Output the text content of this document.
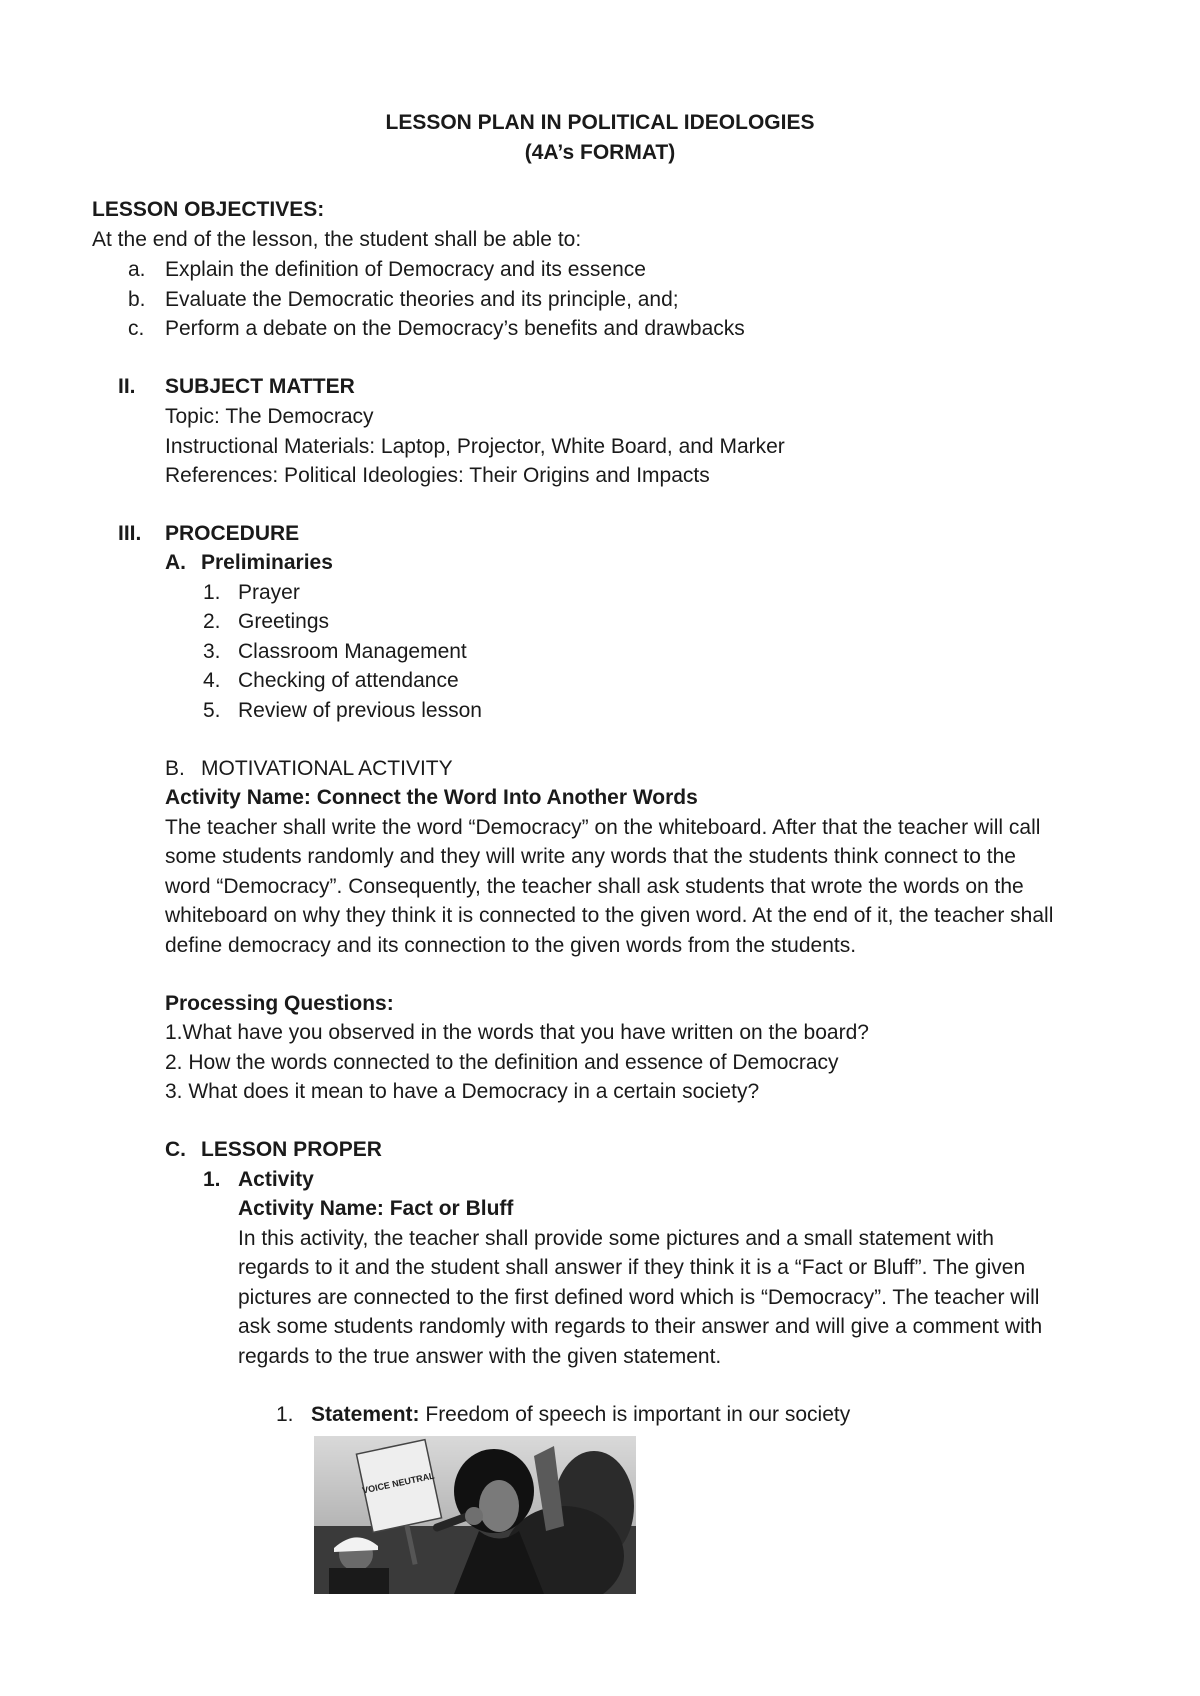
LESSON PLAN IN POLITICAL IDEOLOGIES
(4A’s FORMAT)
LESSON OBJECTIVES:
At the end of the lesson, the student shall be able to:
a. Explain the definition of Democracy and its essence
b. Evaluate the Democratic theories and its principle, and;
c. Perform a debate on the Democracy’s benefits and drawbacks
II. SUBJECT MATTER
Topic: The Democracy
Instructional Materials: Laptop, Projector, White Board, and Marker
References: Political Ideologies: Their Origins and Impacts
III. PROCEDURE
A. Preliminaries
1. Prayer
2. Greetings
3. Classroom Management
4. Checking of attendance
5. Review of previous lesson
B. MOTIVATIONAL ACTIVITY
Activity Name: Connect the Word Into Another Words
The teacher shall write the word “Democracy” on the whiteboard. After that the teacher will call
some students randomly and they will write any words that the students think connect to the
word “Democracy”. Consequently, the teacher shall ask students that wrote the words on the
whiteboard on why they think it is connected to the given word. At the end of it, the teacher shall
define democracy and its connection to the given words from the students.
Processing Questions:
1.What have you observed in the words that you have written on the board?
2. How the words connected to the definition and essence of Democracy
3. What does it mean to have a Democracy in a certain society?
C. LESSON PROPER
1. Activity
Activity Name: Fact or Bluff
In this activity, the teacher shall provide some pictures and a small statement with
regards to it and the student shall answer if they think it is a “Fact or Bluff”. The given
pictures are connected to the first defined word which is “Democracy”. The teacher will
ask some students randomly with regards to their answer and will give a comment with
regards to the true answer with the given statement.
1. Statement: Freedom of speech is important in our society
VOICE NEUTRAL
